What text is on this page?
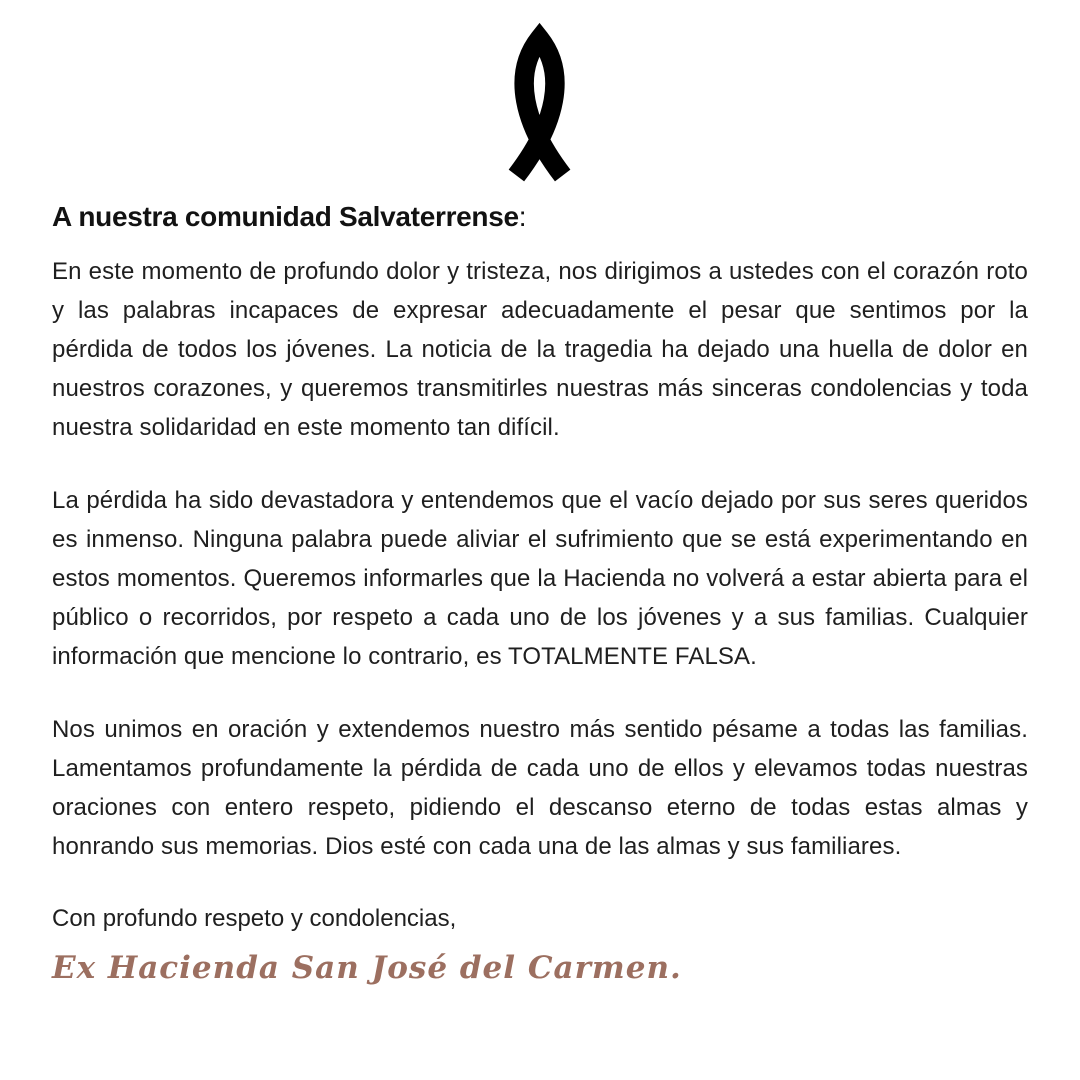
A nuestra comunidad Salvaterrense:

En este momento de profundo dolor y tristeza, nos dirigimos a ustedes con el corazón roto y las palabras incapaces de expresar adecuadamente el pesar que sentimos por la pérdida de todos los jóvenes. La noticia de la tragedia ha dejado una huella de dolor en nuestros corazones, y queremos transmitirles nuestras más sinceras condolencias y toda nuestra solidaridad en este momento tan difícil.

La pérdida ha sido devastadora y entendemos que el vacío dejado por sus seres queridos es inmenso. Ninguna palabra puede aliviar el sufrimiento que se está experimentando en estos momentos. Queremos informarles que la Hacienda no volverá a estar abierta para el público o recorridos, por respeto a cada uno de los jóvenes y a sus familias. Cualquier información que mencione lo contrario, es TOTALMENTE FALSA.

Nos unimos en oración y extendemos nuestro más sentido pésame a todas las familias. Lamentamos profundamente la pérdida de cada uno de ellos y elevamos todas nuestras oraciones con entero respeto, pidiendo el descanso eterno de todas estas almas y honrando sus memorias. Dios esté con cada una de las almas y sus familiares.

Con profundo respeto y condolencias,

Ex Hacienda San José del Carmen.
